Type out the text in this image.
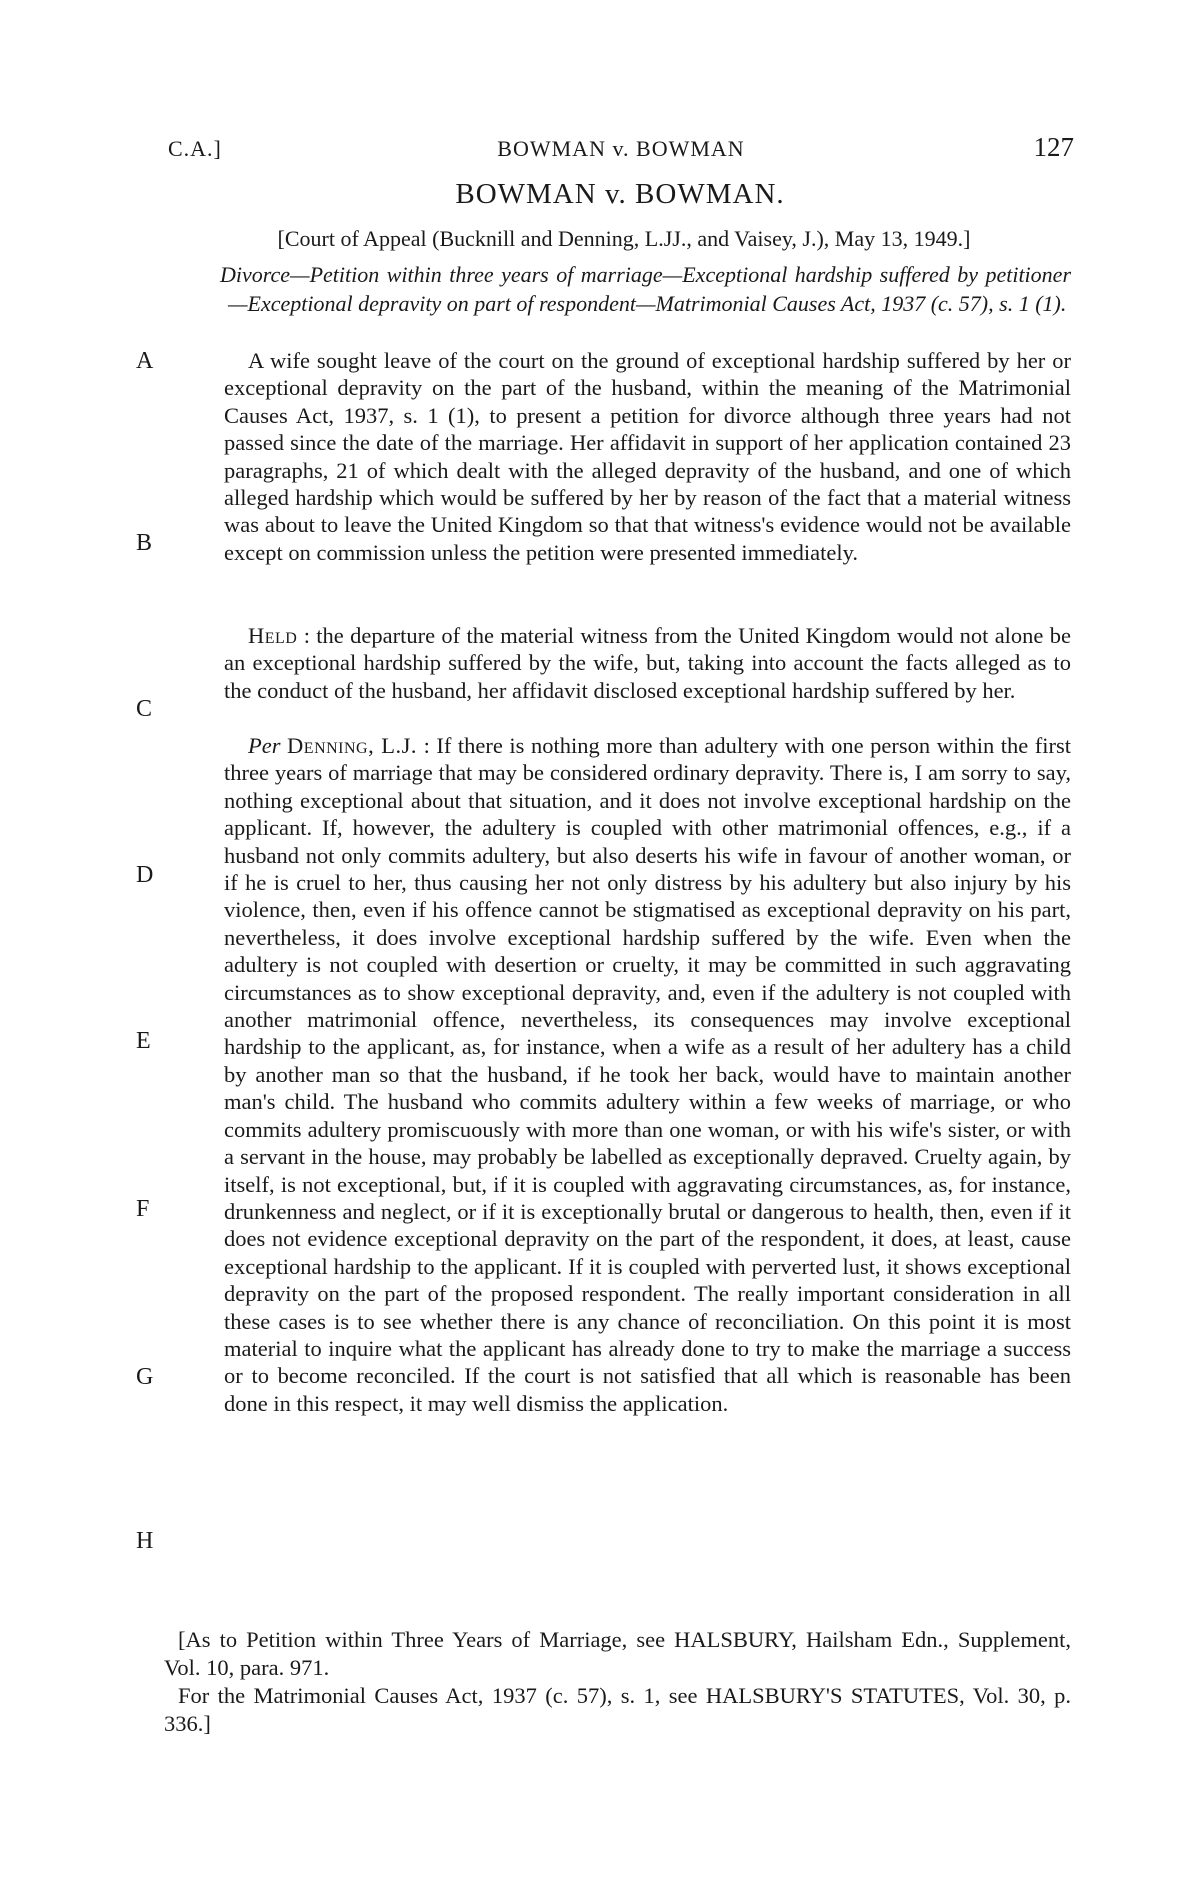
C.A.]	BOWMAN v. BOWMAN	127
BOWMAN v. BOWMAN.
[Court of Appeal (Bucknill and Denning, L.JJ., and Vaisey, J.), May 13, 1949.]
Divorce—Petition within three years of marriage—Exceptional hardship suffered by petitioner—Exceptional depravity on part of respondent—Matrimonial Causes Act, 1937 (c. 57), s. 1 (1).

A wife sought leave of the court on the ground of exceptional hardship suffered by her or exceptional depravity on the part of the husband, within the meaning of the Matrimonial Causes Act, 1937, s. 1 (1), to present a petition for divorce although three years had not passed since the date of the marriage. Her affidavit in support of her application contained 23 paragraphs, 21 of which dealt with the alleged depravity of the husband, and one of which alleged hardship which would be suffered by her by reason of the fact that a material witness was about to leave the United Kingdom so that that witness's evidence would not be available except on commission unless the petition were presented immediately.

Held : the departure of the material witness from the United Kingdom would not alone be an exceptional hardship suffered by the wife, but, taking into account the facts alleged as to the conduct of the husband, her affidavit disclosed exceptional hardship suffered by her.

Per Denning, L.J. : If there is nothing more than adultery with one person within the first three years of marriage that may be considered ordinary depravity. There is, I am sorry to say, nothing exceptional about that situation, and it does not involve exceptional hardship on the applicant. If, however, the adultery is coupled with other matrimonial offences, e.g., if a husband not only commits adultery, but also deserts his wife in favour of another woman, or if he is cruel to her, thus causing her not only distress by his adultery but also injury by his violence, then, even if his offence cannot be stigmatised as exceptional depravity on his part, nevertheless, it does involve exceptional hardship suffered by the wife. Even when the adultery is not coupled with desertion or cruelty, it may be committed in such aggravating circumstances as to show exceptional depravity, and, even if the adultery is not coupled with another matrimonial offence, nevertheless, its consequences may involve exceptional hardship to the applicant, as, for instance, when a wife as a result of her adultery has a child by another man so that the husband, if he took her back, would have to maintain another man's child. The husband who commits adultery within a few weeks of marriage, or who commits adultery promiscuously with more than one woman, or with his wife's sister, or with a servant in the house, may probably be labelled as exceptionally depraved. Cruelty again, by itself, is not exceptional, but, if it is coupled with aggravating circumstances, as, for instance, drunkenness and neglect, or if it is exceptionally brutal or dangerous to health, then, even if it does not evidence exceptional depravity on the part of the respondent, it does, at least, cause exceptional hardship to the applicant. If it is coupled with perverted lust, it shows exceptional depravity on the part of the proposed respondent. The really important consideration in all these cases is to see whether there is any chance of reconciliation. On this point it is most material to inquire what the applicant has already done to try to make the marriage a success or to become reconciled. If the court is not satisfied that all which is reasonable has been done in this respect, it may well dismiss the application.

[As to Petition within Three Years of Marriage, see HALSBURY, Hailsham Edn., Supplement, Vol. 10, para. 971.

For the Matrimonial Causes Act, 1937 (c. 57), s. 1, see HALSBURY'S STATUTES, Vol. 30, p. 336.]

A
B
C
D
E
F
G
H
